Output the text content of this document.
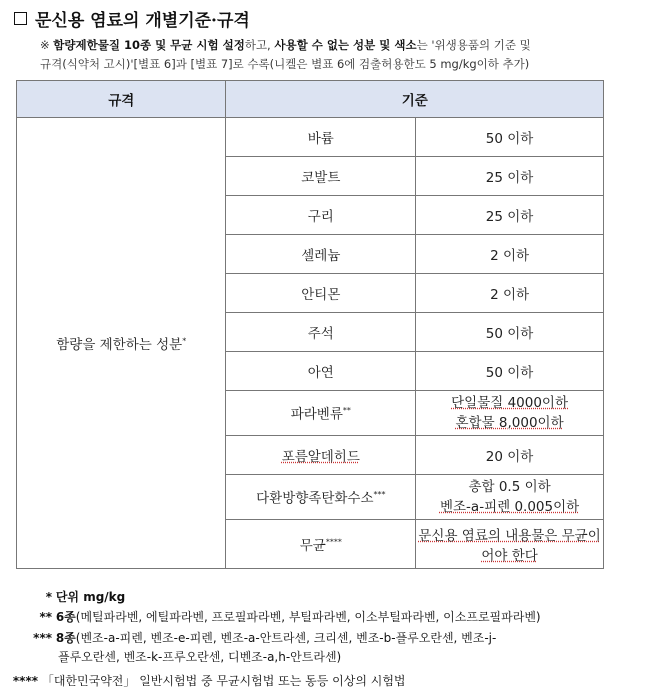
문신용 염료의 개별기준·규격
※ 함량제한물질 10종 및 무균 시험 설정하고, 사용할 수 없는 성분 및 색소는 '위생용품의 기준 및
규격(식약처 고시)'[별표 6]과 [별표 7]로 수록(니켈은 별표 6에 검출허용한도 5 mg/kg이하 추가)
규격	기준	
함량을 제한하는 성분*	바륨	50 이하
	코발트	25 이하
	구리	25 이하
	셀레늄	2 이하
	안티몬	2 이하
	주석	50 이하
	아연	50 이하
	파라벤류**	단일물질 4000이하
혼합물 8,000이하
	포름알데히드	20 이하
	다환방향족탄화수소***	총합 0.5 이하
벤조-a-피렌 0.005이하
	무균****	문신용 염료의 내용물은 무균이어야 한다
* 단위 mg/kg
** 6종(메틸파라벤, 에틸파라벤, 프로필파라벤, 부틸파라벤, 이소부틸파라벤, 이소프로필파라벤)
*** 8종(벤조-a-피렌, 벤조-e-피렌, 벤조-a-안트라센, 크리센, 벤조-b-플루오란센, 벤조-j-
플루오란센, 벤조-k-프루오란센, 디벤조-a,h-안트라센)
**** 「대한민국약전」 일반시험법 중 무균시험법 또는 동등 이상의 시험법
